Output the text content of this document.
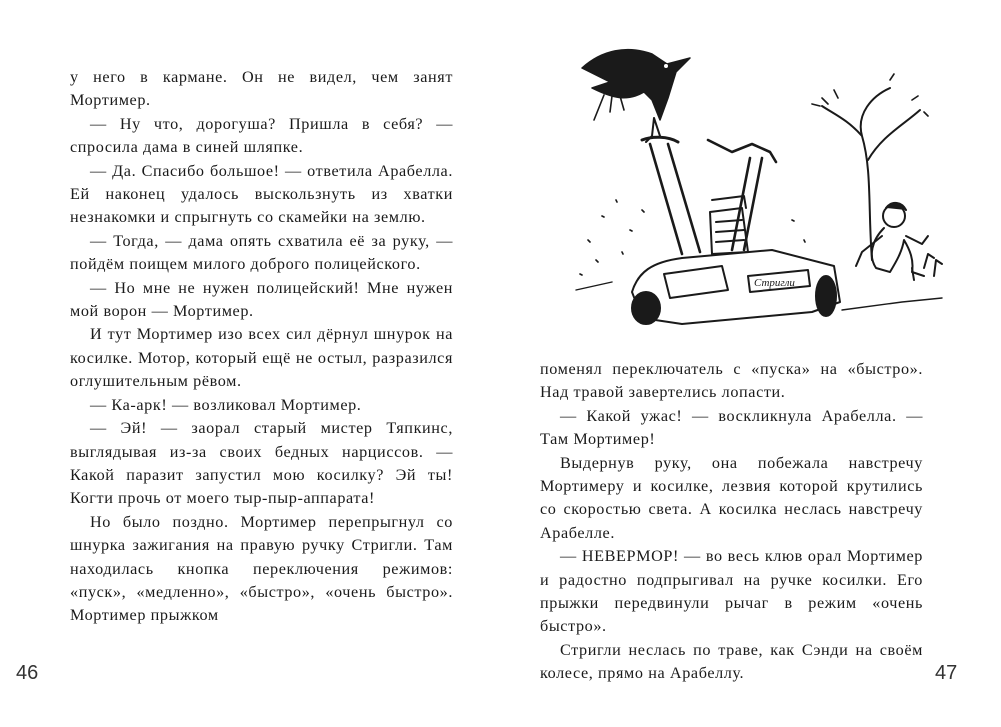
у него в кармане. Он не видел, чем занят Мортимер.

— Ну что, дорогуша? Пришла в себя? — спросила дама в синей шляпке.

— Да. Спасибо большое! — ответила Арабелла. Ей наконец удалось выскользнуть из хватки незнакомки и спрыгнуть со скамейки на землю.

— Тогда, — дама опять схватила её за руку, — пойдём поищем милого доброго полицейского.

— Но мне не нужен полицейский! Мне нужен мой ворон — Мортимер.

И тут Мортимер изо всех сил дёрнул шнурок на косилке. Мотор, который ещё не остыл, разразился оглушительным рёвом.

— Ка-арк! — возликовал Мортимер.

— Эй! — заорал старый мистер Тяпкинс, выглядывая из-за своих бедных нарциссов. — Какой паразит запустил мою косилку? Эй ты! Когти прочь от моего тыр-пыр-аппарата!

Но было поздно. Мортимер перепрыгнул со шнурка зажигания на правую ручку Стригли. Там находилась кнопка переключения режимов: «пуск», «медленно», «быстро», «очень быстро». Мортимер прыжком

46
Стригли

поменял переключатель с «пуска» на «быстро». Над травой завертелись лопасти.

— Какой ужас! — воскликнула Арабелла. — Там Мортимер!

Выдернув руку, она побежала навстречу Мортимеру и косилке, лезвия которой крутились со скоростью света. А косилка неслась навстречу Арабелле.

— НЕВЕРМОР! — во весь клюв орал Мортимер и радостно подпрыгивал на ручке косилки. Его прыжки передвинули рычаг в режим «очень быстро».

Стригли неслась по траве, как Сэнди на своём колесе, прямо на Арабеллу.	47
